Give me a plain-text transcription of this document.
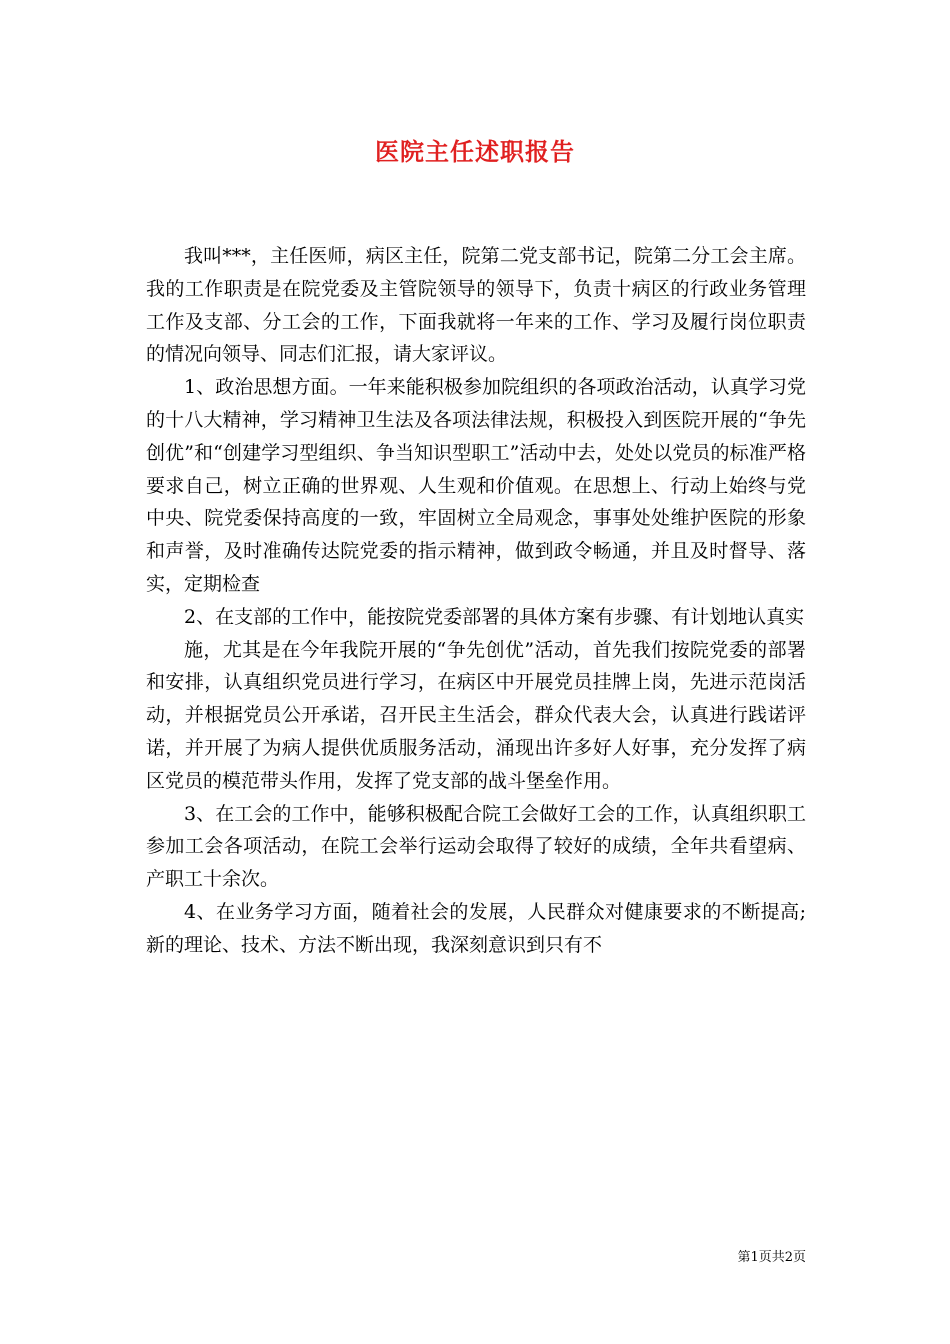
医院主任述职报告

我叫***，主任医师，病区主任，院第二党支部书记，院第二分工会主席。我的工作职责是在院党委及主管院领导的领导下，负责十病区的行政业务管理工作及支部、分工会的工作，下面我就将一年来的工作、学习及履行岗位职责的情况向领导、同志们汇报，请大家评议。

1、政治思想方面。一年来能积极参加院组织的各项政治活动，认真学习党的十八大精神，学习精神卫生法及各项法律法规，积极投入到医院开展的“争先创优”和“创建学习型组织、争当知识型职工”活动中去，处处以党员的标准严格要求自己，树立正确的世界观、人生观和价值观。在思想上、行动上始终与党中央、院党委保持高度的一致，牢固树立全局观念，事事处处维护医院的形象和声誉，及时准确传达院党委的指示精神，做到政令畅通，并且及时督导、落实，定期检查

2、在支部的工作中，能按院党委部署的具体方案有步骤、有计划地认真实

施，尤其是在今年我院开展的“争先创优”活动，首先我们按院党委的部署和安排，认真组织党员进行学习，在病区中开展党员挂牌上岗，先进示范岗活动，并根据党员公开承诺，召开民主生活会，群众代表大会，认真进行践诺评诺，并开展了为病人提供优质服务活动，涌现出许多好人好事，充分发挥了病区党员的模范带头作用，发挥了党支部的战斗堡垒作用。

3、在工会的工作中，能够积极配合院工会做好工会的工作，认真组织职工参加工会各项活动，在院工会举行运动会取得了较好的成绩，全年共看望病、产职工十余次。

4、在业务学习方面，随着社会的发展，人民群众对健康要求的不断提高;新的理论、技术、方法不断出现，我深刻意识到只有不

第1页共2页
